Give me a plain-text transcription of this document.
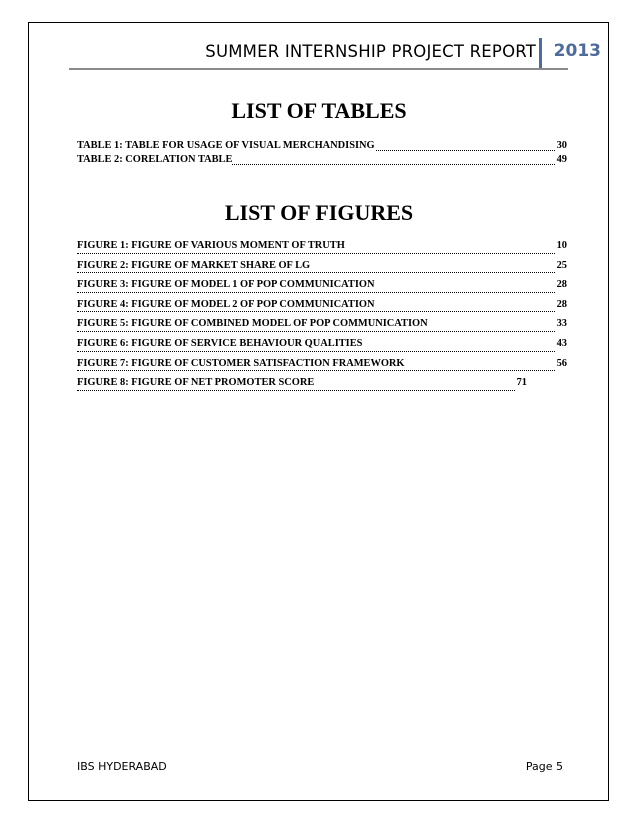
SUMMER INTERNSHIP PROJECT REPORT 2013
LIST OF TABLES
TABLE 1: TABLE FOR USAGE OF VISUAL MERCHANDISING	30
TABLE 2: CORELATION TABLE	49
LIST OF FIGURES
FIGURE 1: FIGURE OF VARIOUS MOMENT OF TRUTH	10
FIGURE 2: FIGURE OF MARKET SHARE OF LG	25
FIGURE 3: FIGURE OF MODEL 1 OF POP COMMUNICATION	28
FIGURE 4: FIGURE OF MODEL 2 OF POP COMMUNICATION	28
FIGURE 5: FIGURE OF COMBINED MODEL OF POP COMMUNICATION	33
FIGURE 6: FIGURE OF SERVICE BEHAVIOUR QUALITIES	43
FIGURE 7: FIGURE OF CUSTOMER SATISFACTION FRAMEWORK	56
FIGURE 8: FIGURE OF NET PROMOTER SCORE	71
IBS HYDERABAD	Page 5
